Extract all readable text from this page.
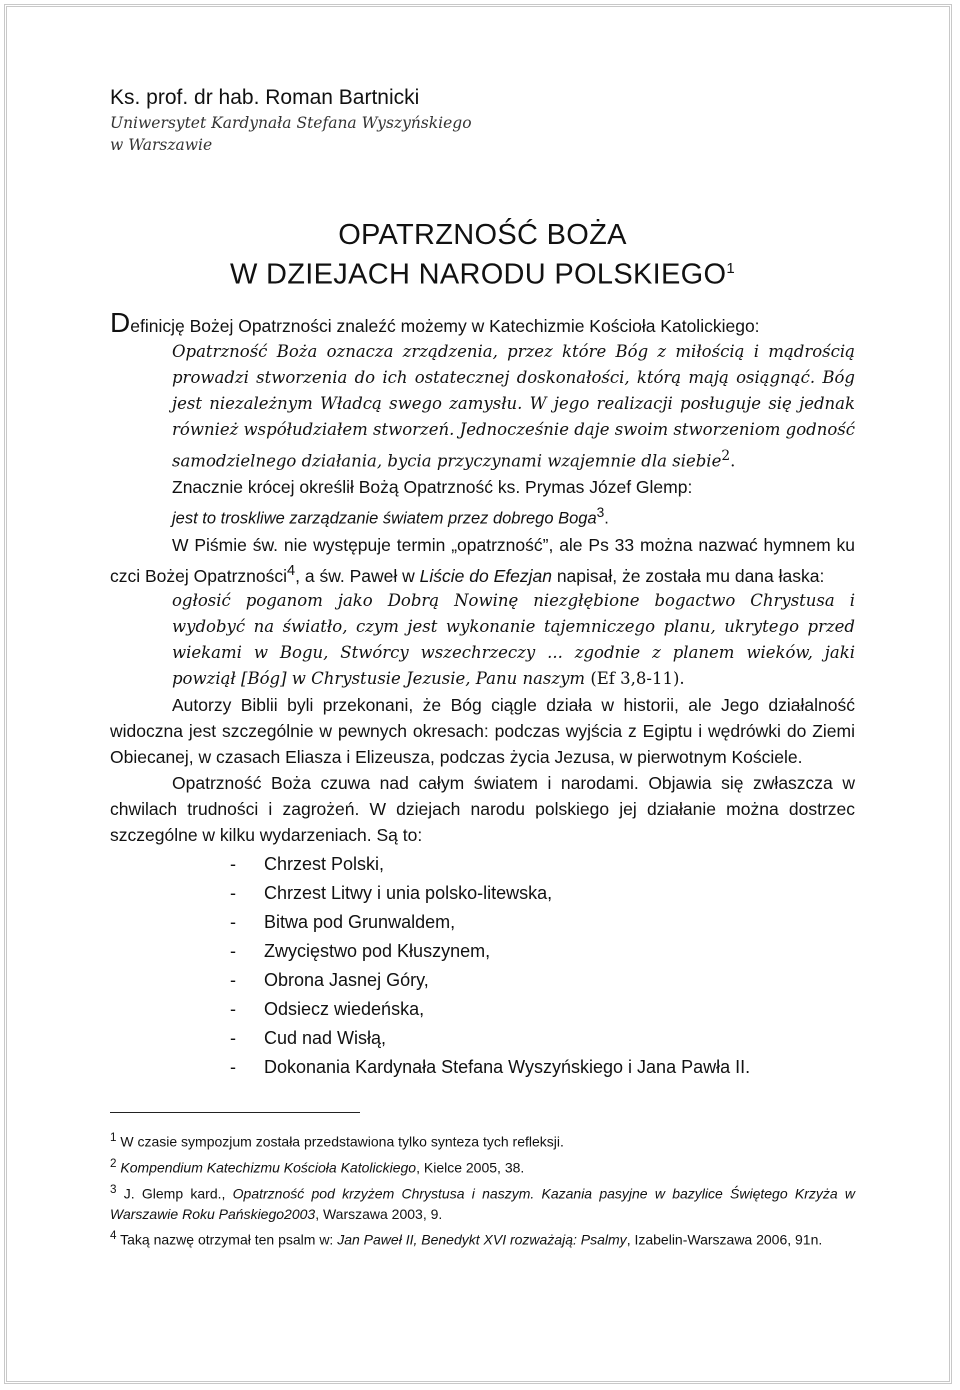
Ks. prof. dr hab. Roman Bartnicki
Uniwersytet Kardynała Stefana Wyszyńskiego
w Warszawie
OPATRZNOŚĆ BOŻA
W DZIEJACH NARODU POLSKIEGO$^1$
Definicję Bożej Opatrzności znaleźć możemy w Katechizmie Kościoła Katolickiego:
Opatrzność Boża oznacza zrządzenia, przez które Bóg z miłością i mądrością prowadzi stworzenia do ich ostatecznej doskonałości, którą mają osiągnąć. Bóg jest niezależnym Władcą swego zamysłu. W jego realizacji posługuje się jednak również współudziałem stworzeń. Jednocześnie daje swoim stworzeniom godność samodzielnego działania, bycia przyczynami wzajemnie dla siebie$^2$.
Znacznie krócej określił Bożą Opatrzność ks. Prymas Józef Glemp:
jest to troskliwe zarządzanie światem przez dobrego Boga$^3$.
W Piśmie św. nie występuje termin „opatrzność”, ale Ps 33 można nazwać hymnem ku czci Bożej Opatrzności$^4$, a św. Paweł w Liście do Efezjan napisał, że została mu dana łaska:
ogłosić poganom jako Dobrą Nowinę niezgłębione bogactwo Chrystusa i wydobyć na światło, czym jest wykonanie tajemniczego planu, ukrytego przed wiekami w Bogu, Stwórcy wszechrzeczy ... zgodnie z planem wieków, jaki powziął [Bóg] w Chrystusie Jezusie, Panu naszym (Ef 3,8-11).
Autorzy Biblii byli przekonani, że Bóg ciągle działa w historii, ale Jego działalność widoczna jest szczególnie w pewnych okresach: podczas wyjścia z Egiptu i wędrówki do Ziemi Obiecanej, w czasach Eliasza i Elizeusza, podczas życia Jezusa, w pierwotnym Kościele.
Opatrzność Boża czuwa nad całym światem i narodami. Objawia się zwłaszcza w chwilach trudności i zagrożeń. W dziejach narodu polskiego jej działanie można dostrzec szczególne w kilku wydarzeniach. Są to:
- Chrzest Polski,
- Chrzest Litwy i unia polsko-litewska,
- Bitwa pod Grunwaldem,
- Zwycięstwo pod Kłuszynem,
- Obrona Jasnej Góry,
- Odsiecz wiedeńska,
- Cud nad Wisłą,
- Dokonania Kardynała Stefana Wyszyńskiego i Jana Pawła II.
$^1$ W czasie sympozjum została przedstawiona tylko synteza tych refleksji.
$^2$ Kompendium Katechizmu Kościoła Katolickiego, Kielce 2005, 38.
$^3$ J. Glemp kard., Opatrzność pod krzyżem Chrystusa i naszym. Kazania pasyjne w bazylice Świętego Krzyża w Warszawie Roku Pańskiego2003, Warszawa 2003, 9.
$^4$ Taką nazwę otrzymał ten psalm w: Jan Paweł II, Benedykt XVI rozważają: Psalmy, Izabelin-Warszawa 2006, 91n.
